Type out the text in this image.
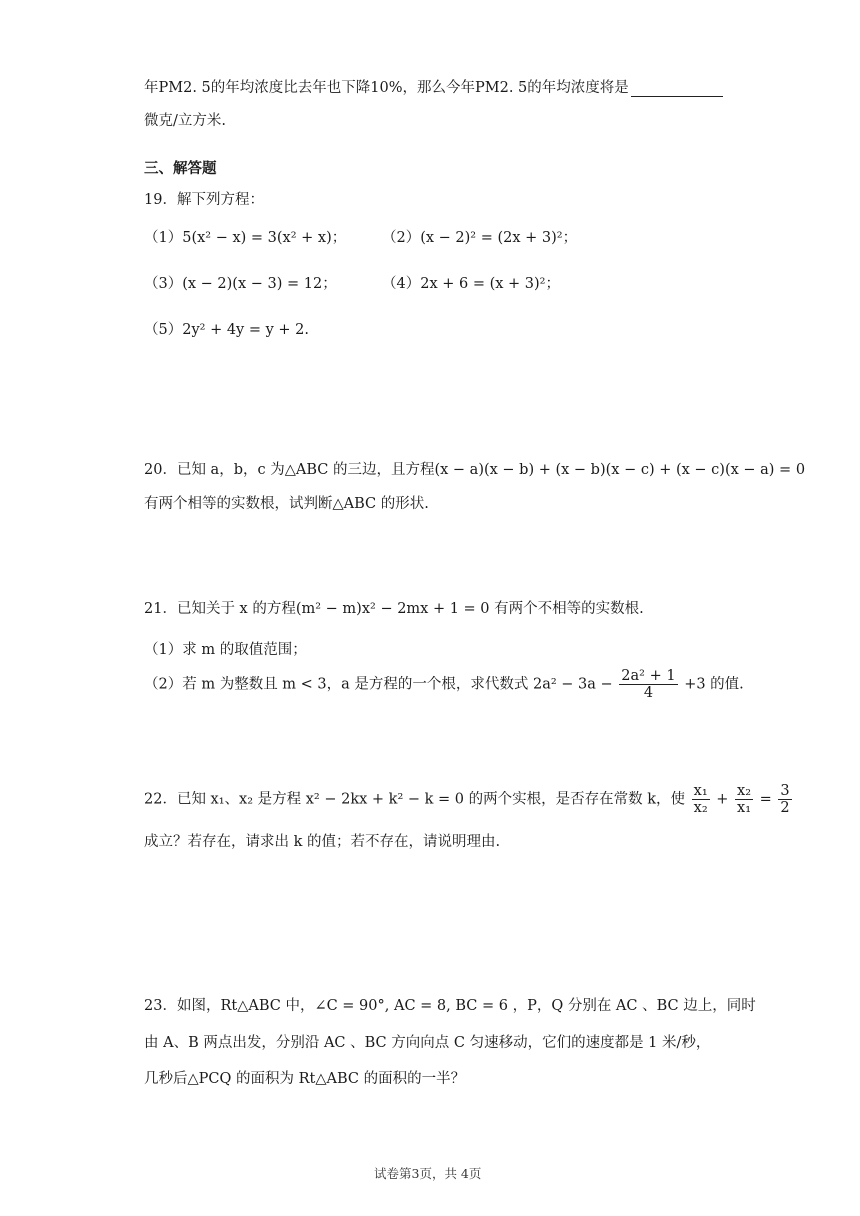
年PM2. 5的年均浓度比去年也下降10%，那么今年PM2. 5的年均浓度将是
微克/立方米.
三、解答题
19．解下列方程：
（1）5(x² − x) = 3(x² + x)； （2）(x − 2)² = (2x + 3)²；
（3）(x − 2)(x − 3) = 12；	（4）2x + 6 = (x + 3)²；
（5）2y² + 4y = y + 2.
20．已知 a，b，c 为△ABC 的三边，且方程(x − a)(x − b) + (x − b)(x − c) + (x − c)(x − a) = 0
有两个相等的实数根，试判断△ABC 的形状.
21．已知关于 x 的方程(m² − m)x² − 2mx + 1 = 0 有两个不相等的实数根.
（1）求 m 的取值范围；
（2）若 m 为整数且 m < 3，a 是方程的一个根，求代数式 $2a^2 - 3a - \frac{\text{2a² + 1}}{4} +3$ 的值.
22．已知 x₁、x₂ 是方程 x² − 2kx + k² − k = 0 的两个实根，是否存在常数 k，使 $\frac{\text{x₁}}{\text{x₂}} + \frac{\text{x₂}}{\text{x₁}} = \frac{3}{2}$
成立？若存在，请求出 k 的值；若不存在，请说明理由.
23．如图，Rt△ABC 中，∠C = 90°, AC = 8, BC = 6 ，P，Q 分别在 AC 、BC 边上，同时
由 A、B 两点出发，分别沿 AC 、BC 方向向点 C 匀速移动，它们的速度都是 1 米/秒，
几秒后△PCQ 的面积为 Rt△ABC 的面积的一半？
试卷第3页，共 4页
